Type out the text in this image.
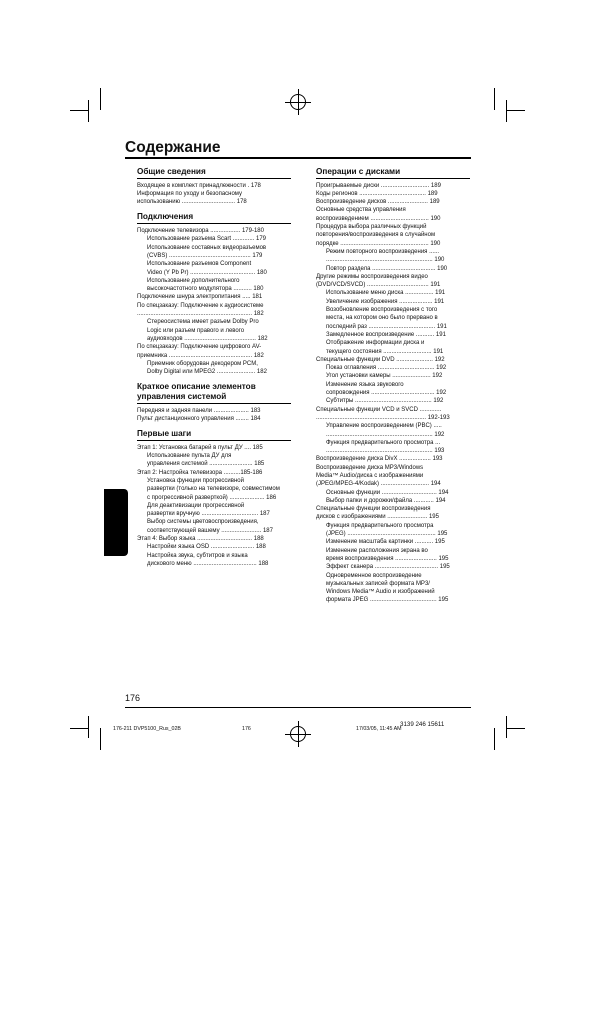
Содержание
Общие сведения
Входящее в комплект принадлежности . 178
Информация по уходу и безопасному
использованию ................................ 178
Подключения
Подключение телевизора .................. 179-180
Использование разъема Scart ............. 179
Использование составных видеоразъемов
(CVBS) ................................................. 179
Использование разъемов Component
Video (Y Pb Pr) ....................................... 180
Использование дополнительного
высокочастотного модулятора ........... 180
Подключение шнура электропитания ..... 181
По спецзаказу: Подключение к аудиосистеме
..................................................................... 182
Стереосистема имеет разъем Dolby Pro
Logic или разъем правого и левого
аудиовходов ........................................... 182
По спецзаказу: Подключение цифрового AV-
приемника .................................................. 182
Приемник оборудован декодером PCM,
Dolby Digital или MPEG2 ....................... 182
Краткое описание элементов управления системой
Передняя и задняя панели ..................... 183
Пульт дистанционного управления ........ 184
Первые шаги
Этап 1: Установка батарей в пульт ДУ .... 185
Использование пульта ДУ для
управления системой .......................... 185
Этап 2: Настройка телевизора ..........185-186
Установка функции прогрессивной
развертки (только на телевизоре, совместимом
с прогрессивной разверткой) ..................... 186
Для деактивизации прогрессивной
развертки вручную .................................. 187
Выбор системы цветовоспроизведения,
соответствующей вашему ........................ 187
Этап 4: Выбор языка ................................. 188
Настройки языка OSD .......................... 188
Настройка звука, субтитров и языка
дискового меню ...................................... 188
Операции с дисками
Проигрываемые диски ............................. 189
Коды регионов ........................................ 189
Воспроизведение дисков ........................ 189
Основные средства управления
воспроизведением ................................... 190
Процедура выбора различных функций
повторения/воспроизведения в случайном
порядке ..................................................... 190
Режим повторного воспроизведения ......
................................................................ 190
Повтор раздела ...................................... 190
Другие режимы воспроизведения видео
(DVD/VCD/SVCD) ..................................... 191
Использование меню диска ................. 191
Увеличение изображения .................... 191
Возобновление воспроизведения с того
места, на котором оно было прервано в
последний раз ........................................ 191
Замедленное воспроизведение ........... 191
Отображение информации диска и
текущего состояния ............................. 191
Специальные функции DVD ...................... 192
Показ оглавления .................................. 192
Угол установки камеры ....................... 192
Изменение языка звукового
сопровождения ...................................... 192
Субтитры .............................................. 192
Специальные функции VCD и SVCD .............
.................................................................. 192-193
Управление воспроизведением (PBC) .....
................................................................ 192
Функция предварительного просмотра ...
................................................................ 193
Воспроизведение диска DivX ................... 193
Воспроизведение диска MP3/Windows
Media™ Audio/диска с изображениями
(JPEG/MPEG-4/Kodak) ............................. 194
Основные функции ................................. 194
Выбор папки и дорожки/файла ............ 194
Специальные функции воспроизведения
дисков с изображениями ........................ 195
Функция предварительного просмотра
(JPEG) ..................................................... 195
Изменение масштаба картинки ........... 195
Изменение расположения экрана во
время воспроизведения ......................... 195
Эффект сканера ...................................... 195
Одновременное воспроизведение
музыкальных записей формата MP3/
Windows Media™ Audio и изображений
формата JPEG ........................................ 195
Русский
176
176-211 DVP5100_Rus_02B	176	17/03/05, 11:45 AM
3139 246 15611
